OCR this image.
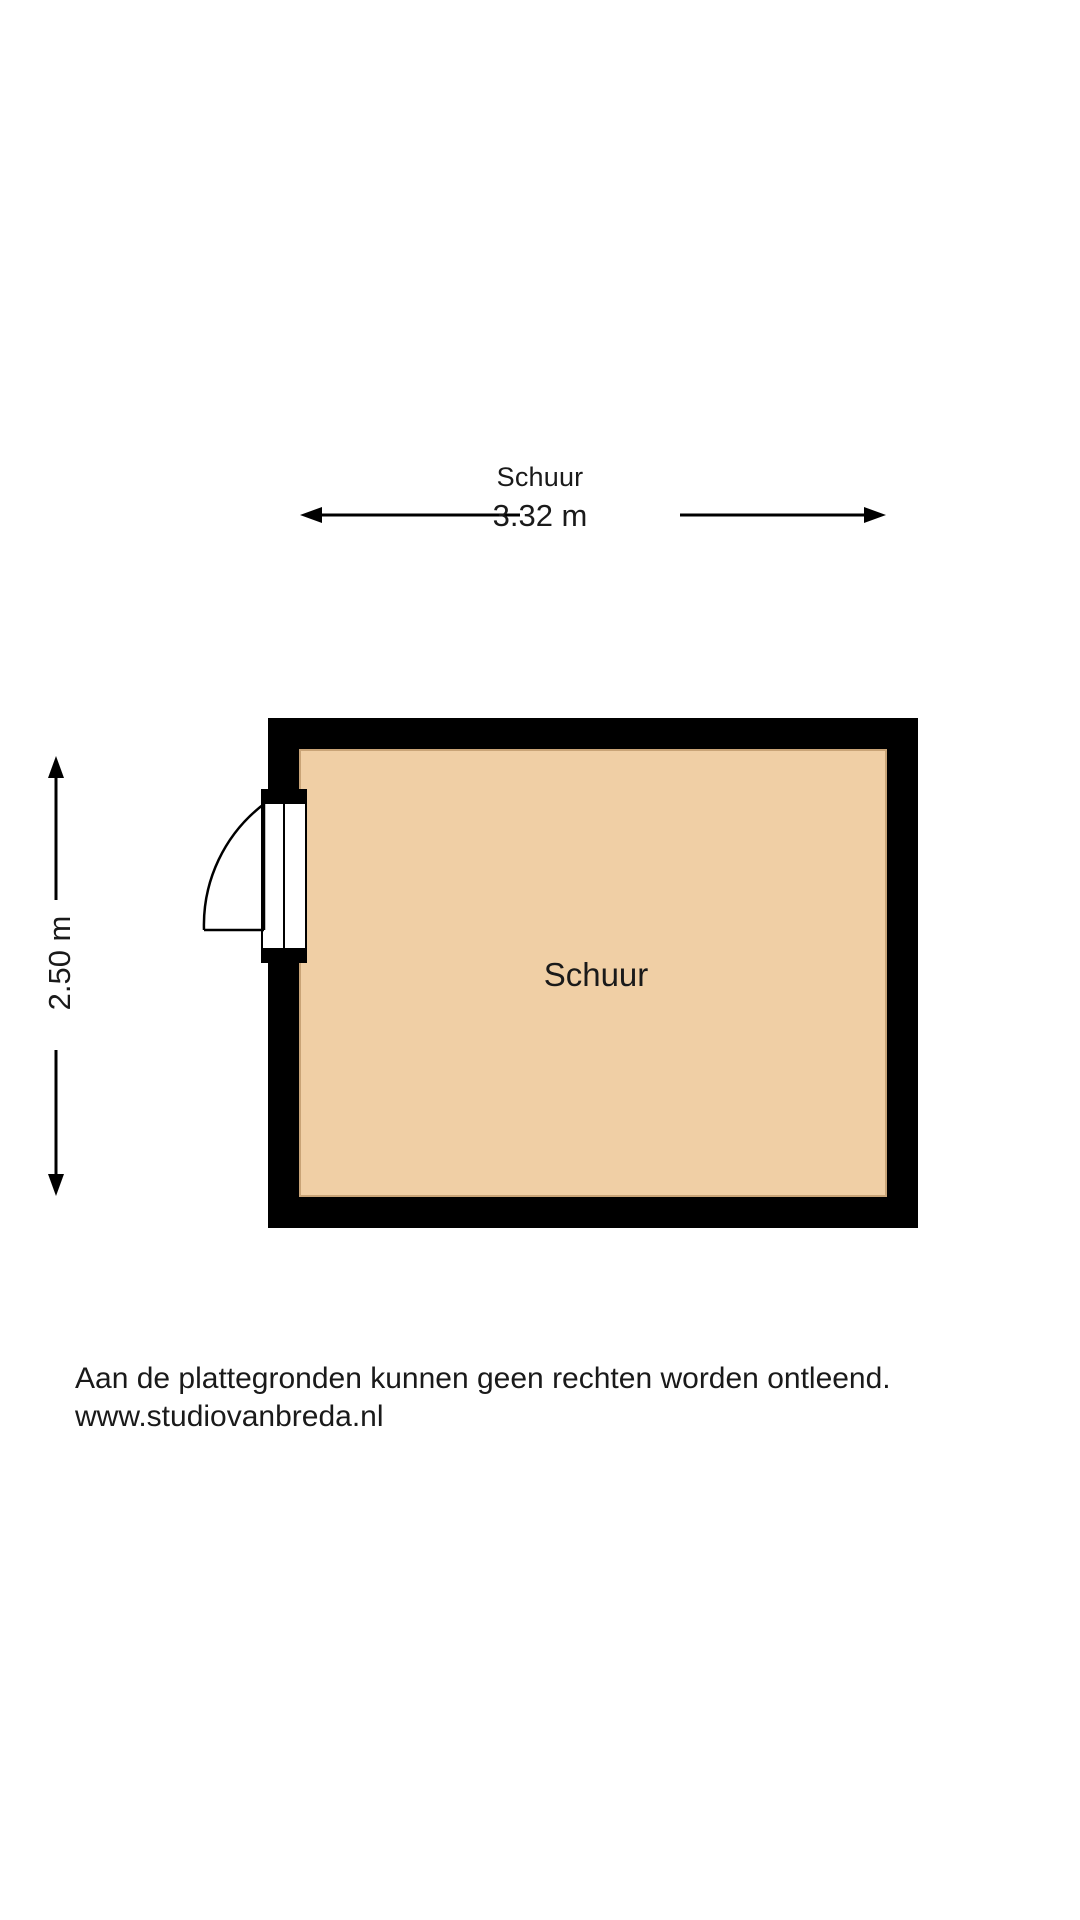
Schuur
3.32 m
2.50 m	Schuur
Aan de plattegronden kunnen geen rechten worden ontleend.
www.studiovanbreda.nl
